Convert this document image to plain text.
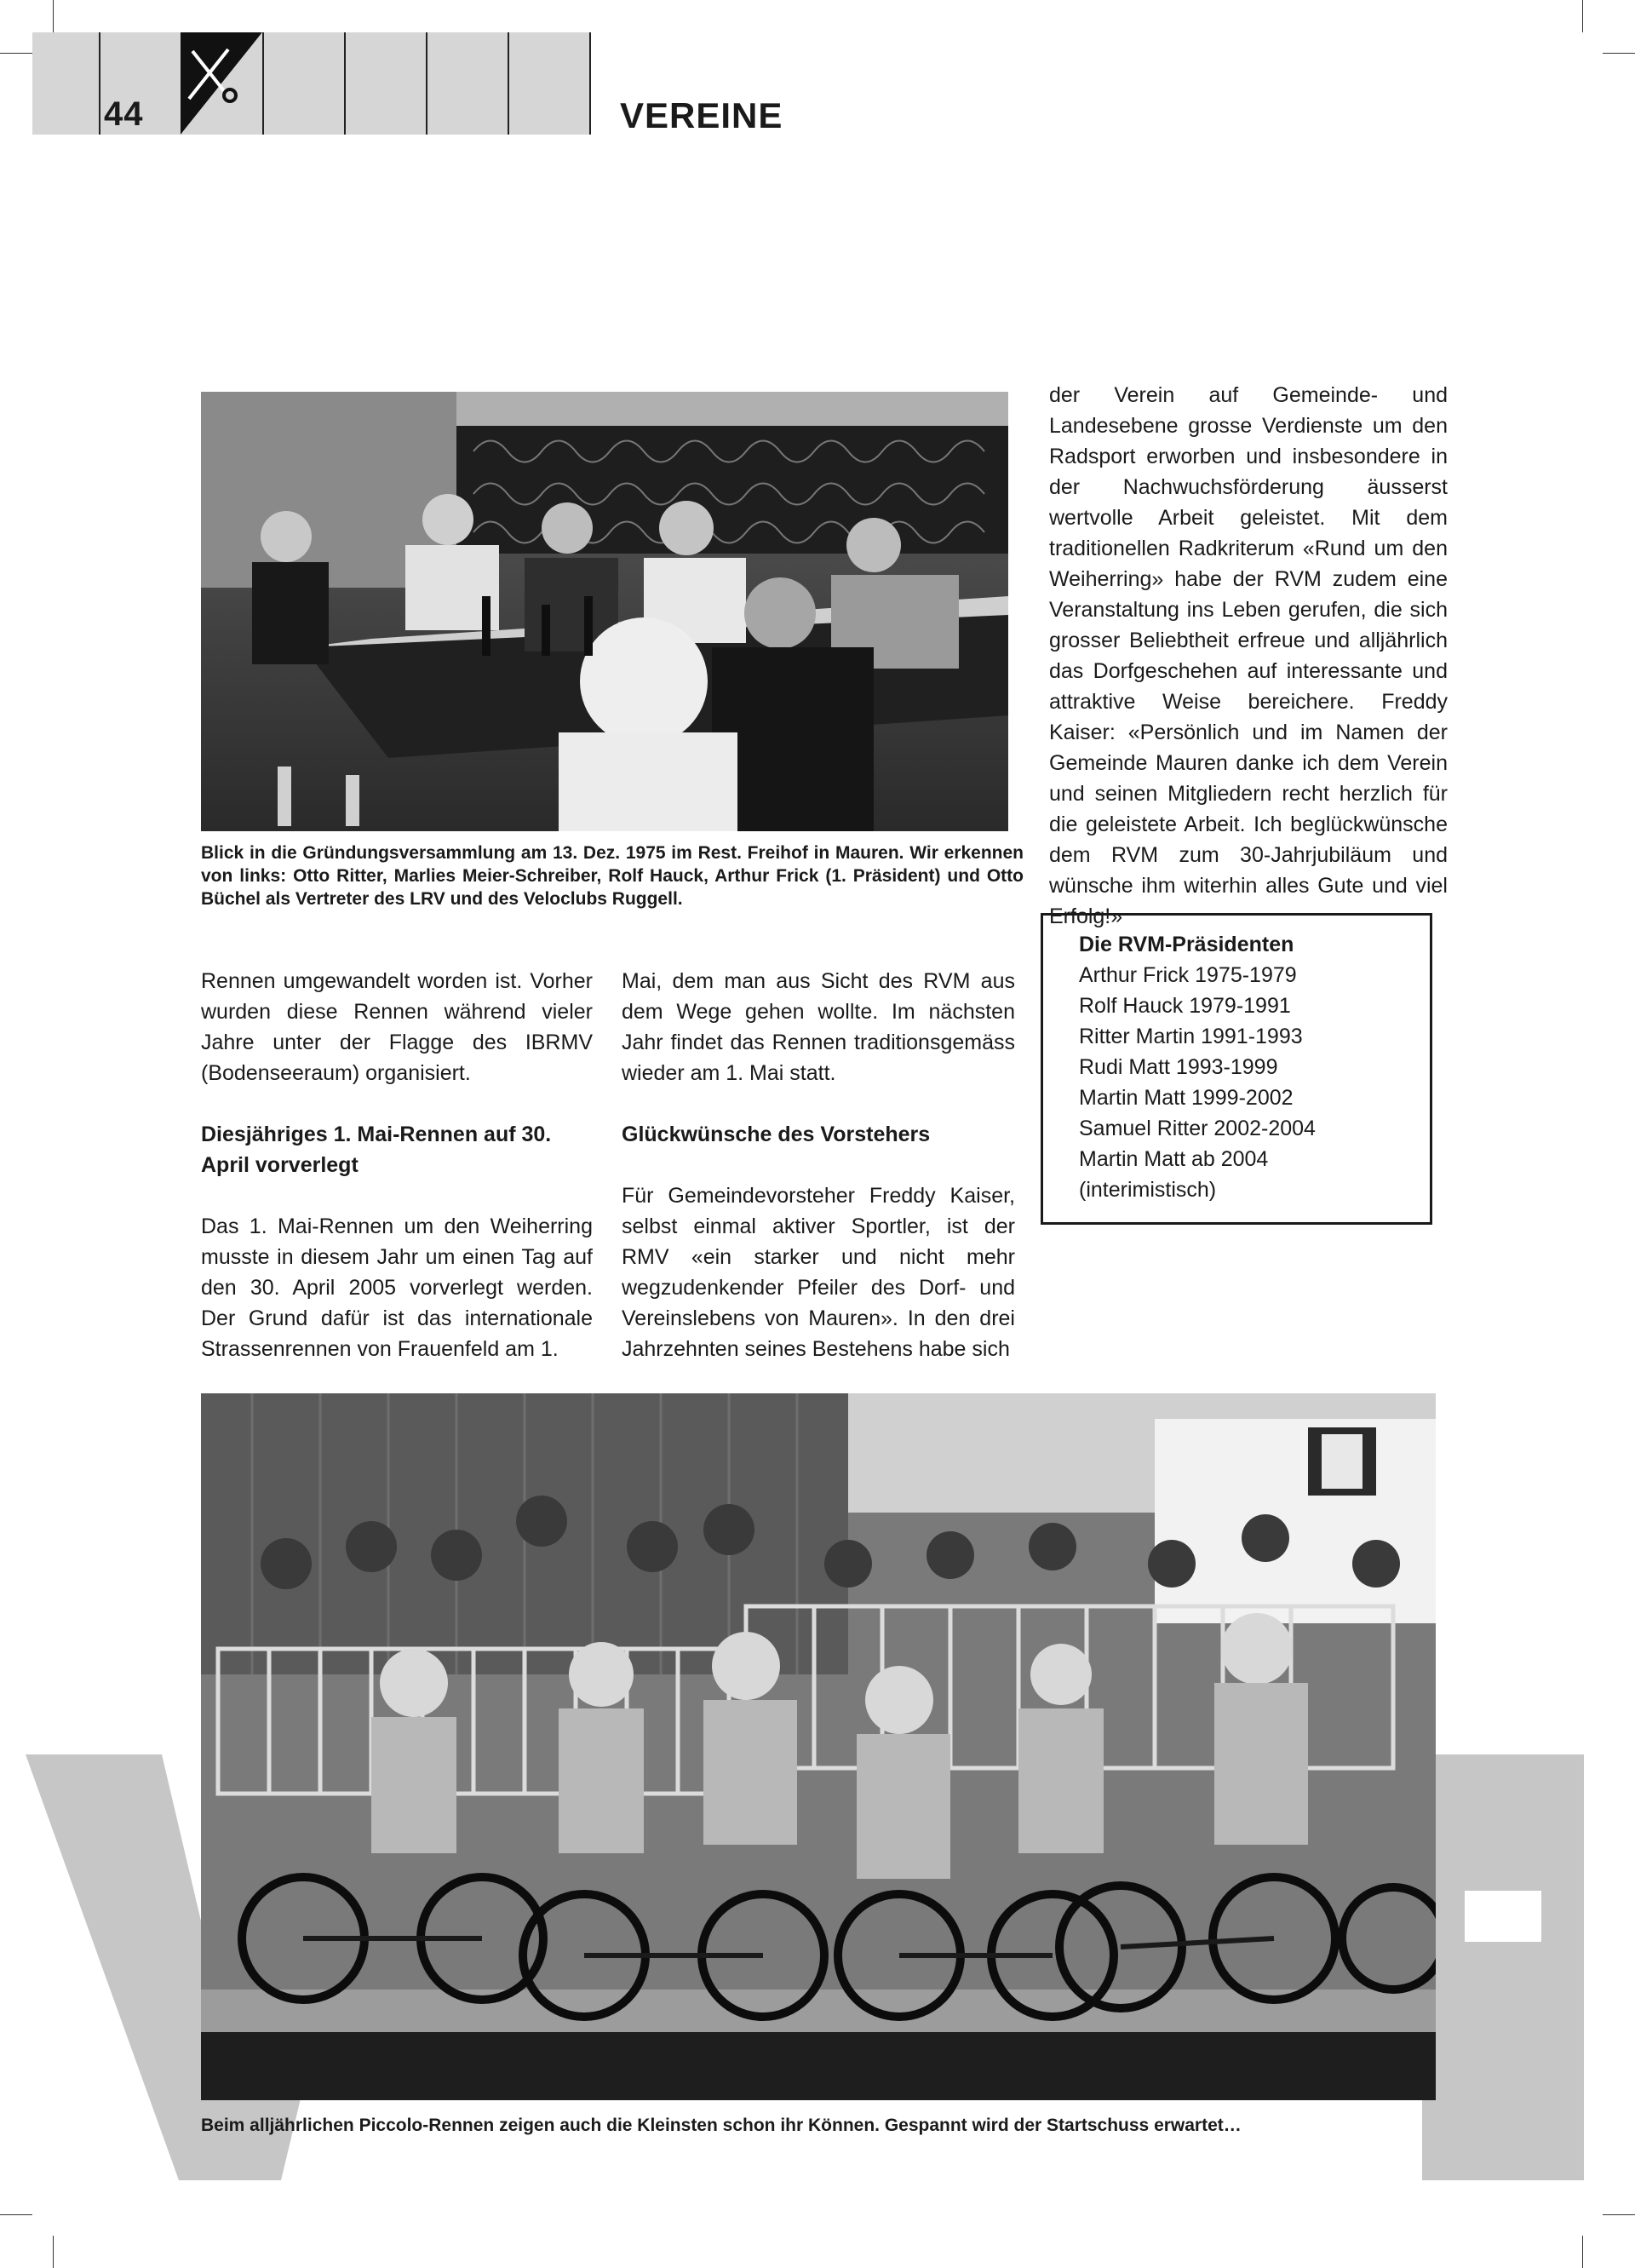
44	VEREINE
Blick in die Gründungsversammlung am 13. Dez. 1975 im Rest. Freihof in Mauren. Wir erkennen von links: Otto Ritter, Marlies Meier-Schreiber, Rolf Hauck, Arthur Frick (1. Präsident) und Otto Büchel als Vertreter des LRV und des Veloclubs Ruggell.

der Verein auf Gemeinde- und Landesebene grosse Verdienste um den Radsport erworben und insbesondere in der Nachwuchsförderung äusserst wertvolle Arbeit geleistet. Mit dem traditionellen Radkriterum «Rund um den Weiherring» habe der RVM zudem eine Veranstaltung ins Leben gerufen, die sich grosser Beliebtheit erfreue und alljährlich das Dorfgeschehen auf interessante und attraktive Weise bereichere. Freddy Kaiser: «Persönlich und im Namen der Gemeinde Mauren danke ich dem Verein und seinen Mitgliedern recht herzlich für die geleistete Arbeit. Ich beglückwünsche dem RVM zum 30-Jahrjubiläum und wünsche ihm witerhin alles Gute und viel Erfolg!»

Die RVM-Präsidenten
Arthur Frick 1975-1979
Rolf Hauck 1979-1991
Ritter Martin 1991-1993
Rudi Matt 1993-1999
Martin Matt 1999-2002
Samuel Ritter 2002-2004
Martin Matt ab 2004
(interimistisch)

Rennen umgewandelt worden ist. Vorher wurden diese Rennen während vieler Jahre unter der Flagge des IBRMV (Bodenseeraum) organisiert.

Diesjähriges 1. Mai-Rennen auf 30. April vorverlegt

Das 1. Mai-Rennen um den Weiherring musste in diesem Jahr um einen Tag auf den 30. April 2005 vorverlegt werden. Der Grund dafür ist das internationale Strassenrennen von Frauenfeld am 1.

Mai, dem man aus Sicht des RVM aus dem Wege gehen wollte. Im nächsten Jahr findet das Rennen traditionsgemäss wieder am 1. Mai statt.

Glückwünsche des Vorstehers

Für Gemeindevorsteher Freddy Kaiser, selbst einmal aktiver Sportler, ist der RMV «ein starker und nicht mehr wegzudenkender Pfeiler des Dorf- und Vereinslebens von Mauren». In den drei Jahrzehnten seines Bestehens habe sich

Beim alljährlichen Piccolo-Rennen zeigen auch die Kleinsten schon ihr Können. Gespannt wird der Startschuss erwartet…
